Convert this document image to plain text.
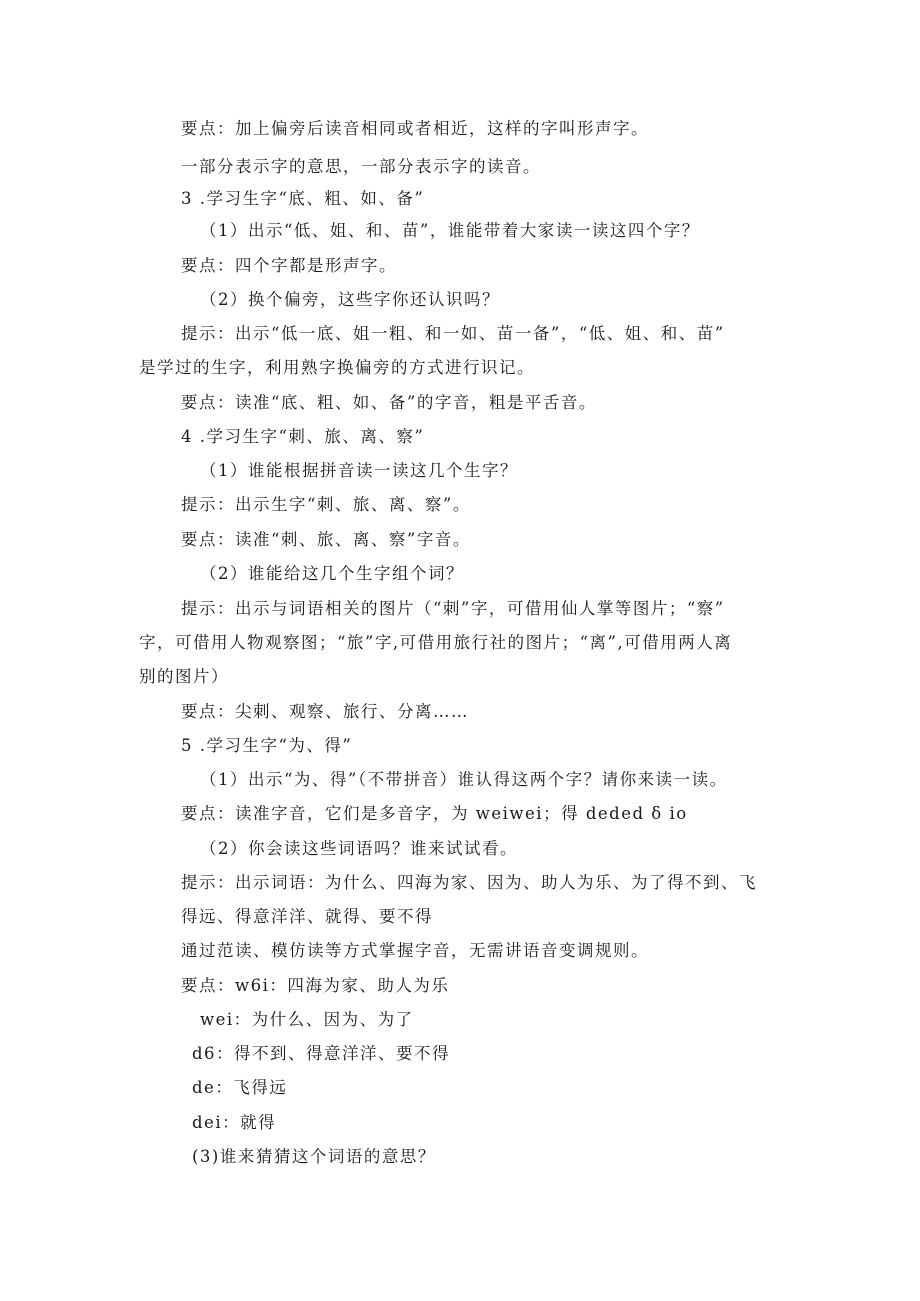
要点：加上偏旁后读音相同或者相近，这样的字叫形声字。

一部分表示字的意思，一部分表示字的读音。

3 .学习生字“底、粗、如、备”

（1）出示“低、姐、和、苗”，谁能带着大家读一读这四个字？

要点：四个字都是形声字。

（2）换个偏旁，这些字你还认识吗？

提示：出示“低一底、姐一粗、和一如、苗一备”，“低、姐、和、苗”

是学过的生字，利用熟字换偏旁的方式进行识记。

要点：读准“底、粗、如、备”的字音，粗是平舌音。

4 .学习生字“刺、旅、离、察”

（1）谁能根据拼音读一读这几个生字？

提示：出示生字“刺、旅、离、察”。

要点：读准“刺、旅、离、察”字音。

（2）谁能给这几个生字组个词？

提示：出示与词语相关的图片（“刺”字，可借用仙人掌等图片；“察”

字，可借用人物观察图；“旅”字,可借用旅行社的图片；“离”,可借用两人离

别的图片）

要点：尖刺、观察、旅行、分离……

5 .学习生字“为、得”

（1）出示“为、得”（不带拼音）谁认得这两个字？请你来读一读。

要点：读准字音，它们是多音字，为 weiwei；得 deded δ io

（2）你会读这些词语吗？谁来试试看。

提示：出示词语：为什么、四海为家、因为、助人为乐、为了得不到、飞

得远、得意洋洋、就得、要不得

通过范读、模仿读等方式掌握字音，无需讲语音变调规则。

要点：w6i：四海为家、助人为乐

wei：为什么、因为、为了

d6：得不到、得意洋洋、要不得

de：飞得远

dei：就得

(3)谁来猜猜这个词语的意思？
